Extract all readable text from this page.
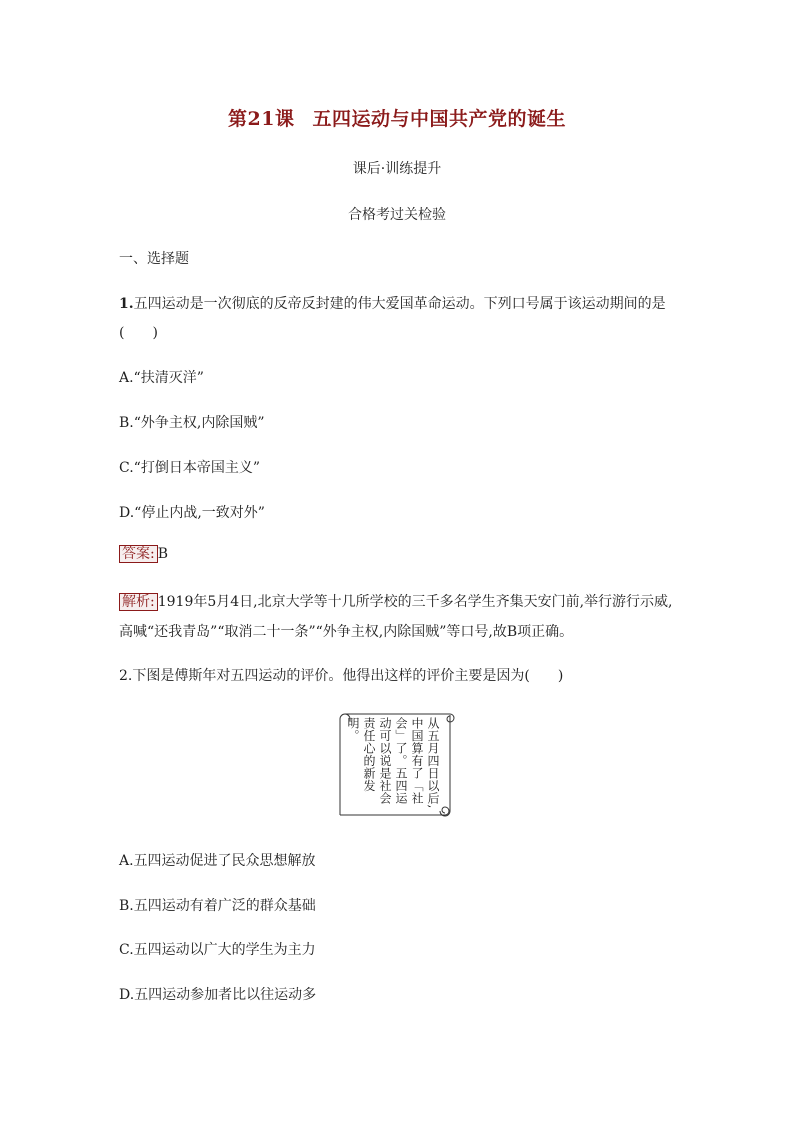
第21课 五四运动与中国共产党的诞生
课后·训练提升
合格考过关检验
一、选择题
1.五四运动是一次彻底的反帝反封建的伟大爱国革命运动。下列口号属于该运动期间的是
(　　)
A.“扶清灭洋”
B.“外争主权,内除国贼”
C.“打倒日本帝国主义”
D.“停止内战,一致对外”
答案: B
解析: 1919年5月4日,北京大学等十几所学校的三千多名学生齐集天安门前,举行游行示威,
高喊“还我青岛”“取消二十一条”“外争主权,内除国贼”等口号,故B项正确。
2.下图是傅斯年对五四运动的评价。他得出这样的评价主要是因为(　　)
从五月四日以后,中国算有了「社会」了。五四运动可以说是社会责任心的新发明。
A.五四运动促进了民众思想解放
B.五四运动有着广泛的群众基础
C.五四运动以广大的学生为主力
D.五四运动参加者比以往运动多
